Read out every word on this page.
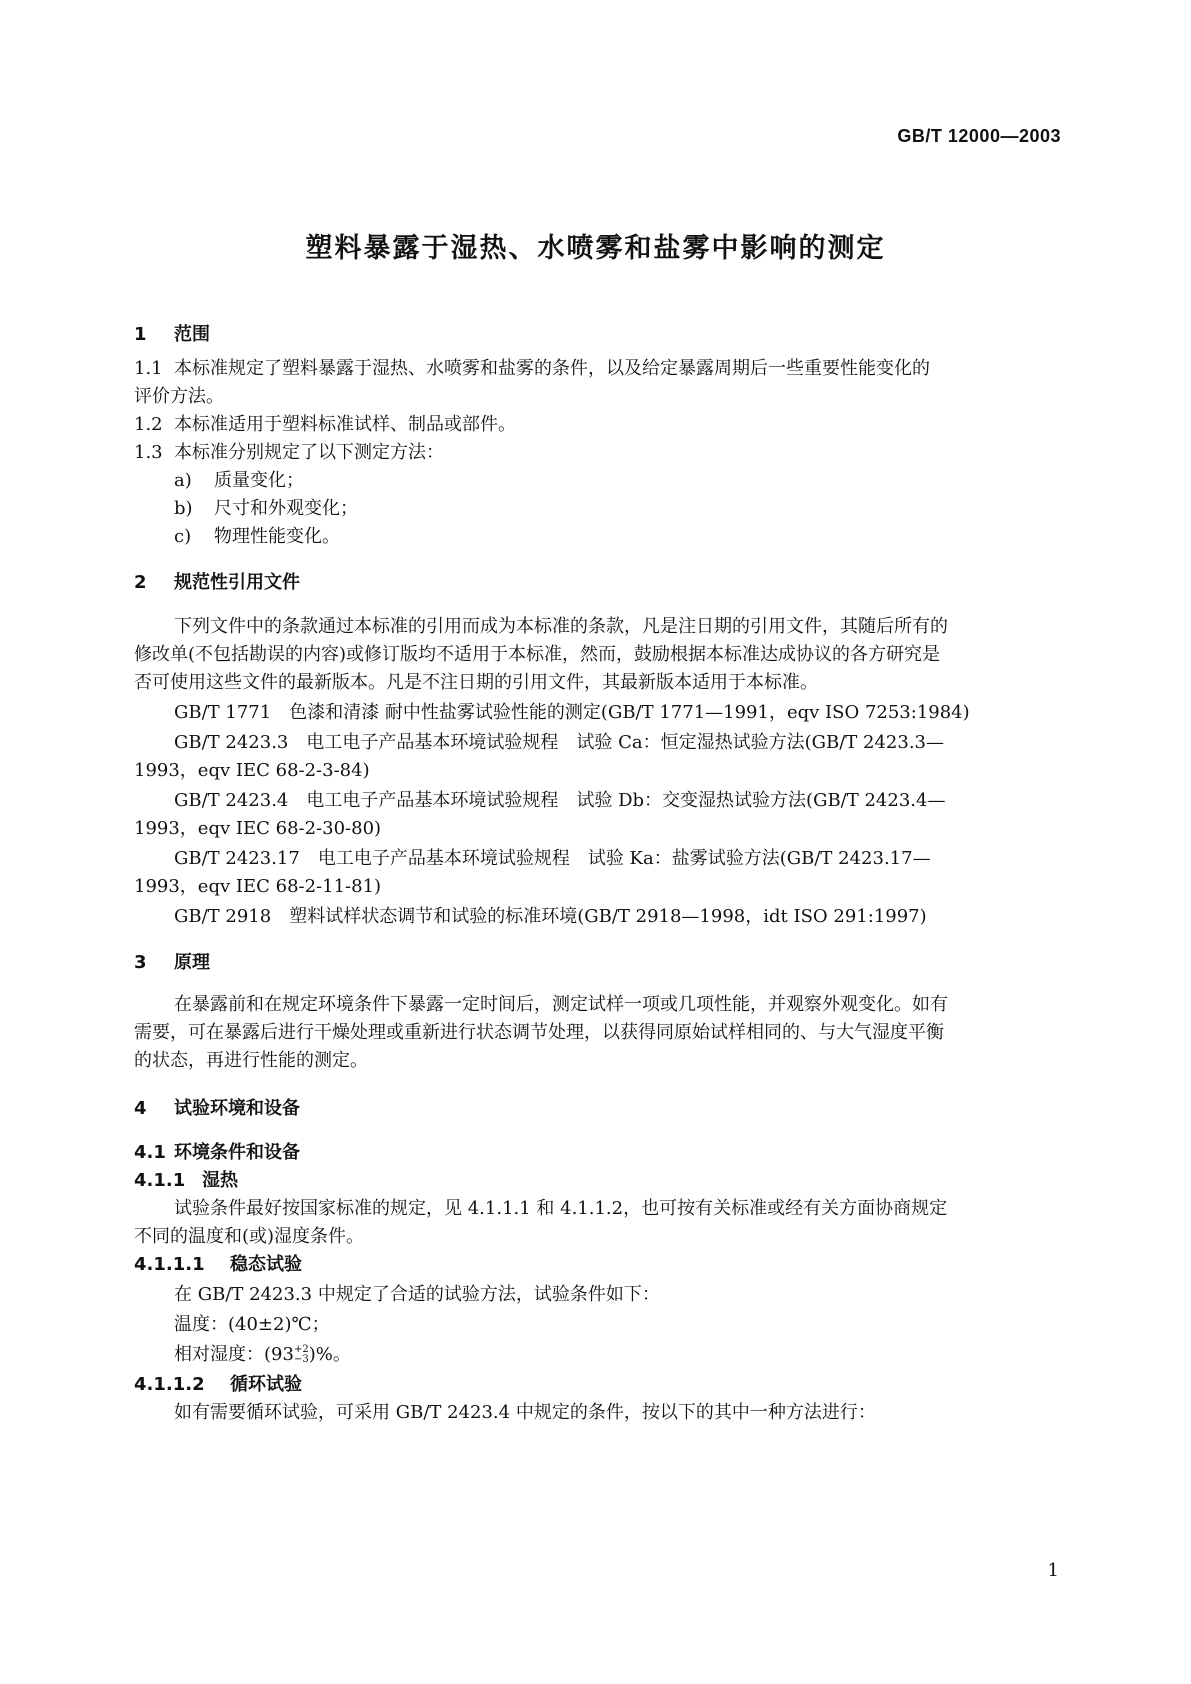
GB/T 12000—2003
塑料暴露于湿热、水喷雾和盐雾中影响的测定
1 范围
1.1 本标准规定了塑料暴露于湿热、水喷雾和盐雾的条件，以及给定暴露周期后一些重要性能变化的
评价方法。
1.2 本标准适用于塑料标准试样、制品或部件。
1.3 本标准分别规定了以下测定方法：
a) 质量变化；
b) 尺寸和外观变化；
c) 物理性能变化。
2 规范性引用文件
下列文件中的条款通过本标准的引用而成为本标准的条款，凡是注日期的引用文件，其随后所有的
修改单(不包括勘误的内容)或修订版均不适用于本标准，然而，鼓励根据本标准达成协议的各方研究是
否可使用这些文件的最新版本。凡是不注日期的引用文件，其最新版本适用于本标准。
GB/T 1771　色漆和清漆 耐中性盐雾试验性能的测定(GB/T 1771—1991，eqv ISO 7253:1984)
GB/T 2423.3　电工电子产品基本环境试验规程　试验 Ca：恒定湿热试验方法(GB/T 2423.3—
1993，eqv IEC 68-2-3-84)
GB/T 2423.4　电工电子产品基本环境试验规程　试验 Db：交变湿热试验方法(GB/T 2423.4—
1993，eqv IEC 68-2-30-80)
GB/T 2423.17　电工电子产品基本环境试验规程　试验 Ka：盐雾试验方法(GB/T 2423.17—
1993，eqv IEC 68-2-11-81)
GB/T 2918　塑料试样状态调节和试验的标准环境(GB/T 2918—1998，idt ISO 291:1997)
3 原理
在暴露前和在规定环境条件下暴露一定时间后，测定试样一项或几项性能，并观察外观变化。如有
需要，可在暴露后进行干燥处理或重新进行状态调节处理，以获得同原始试样相同的、与大气湿度平衡
的状态，再进行性能的测定。
4 试验环境和设备
4.1 环境条件和设备
4.1.1 湿热
试验条件最好按国家标准的规定，见 4.1.1.1 和 4.1.1.2，也可按有关标准或经有关方面协商规定
不同的温度和(或)湿度条件。
4.1.1.1 稳态试验
在 GB/T 2423.3 中规定了合适的试验方法，试验条件如下：
温度：(40±2)℃；
相对湿度：(93+2
−3)%。
4.1.1.2 循环试验
如有需要循环试验，可采用 GB/T 2423.4 中规定的条件，按以下的其中一种方法进行：
1
